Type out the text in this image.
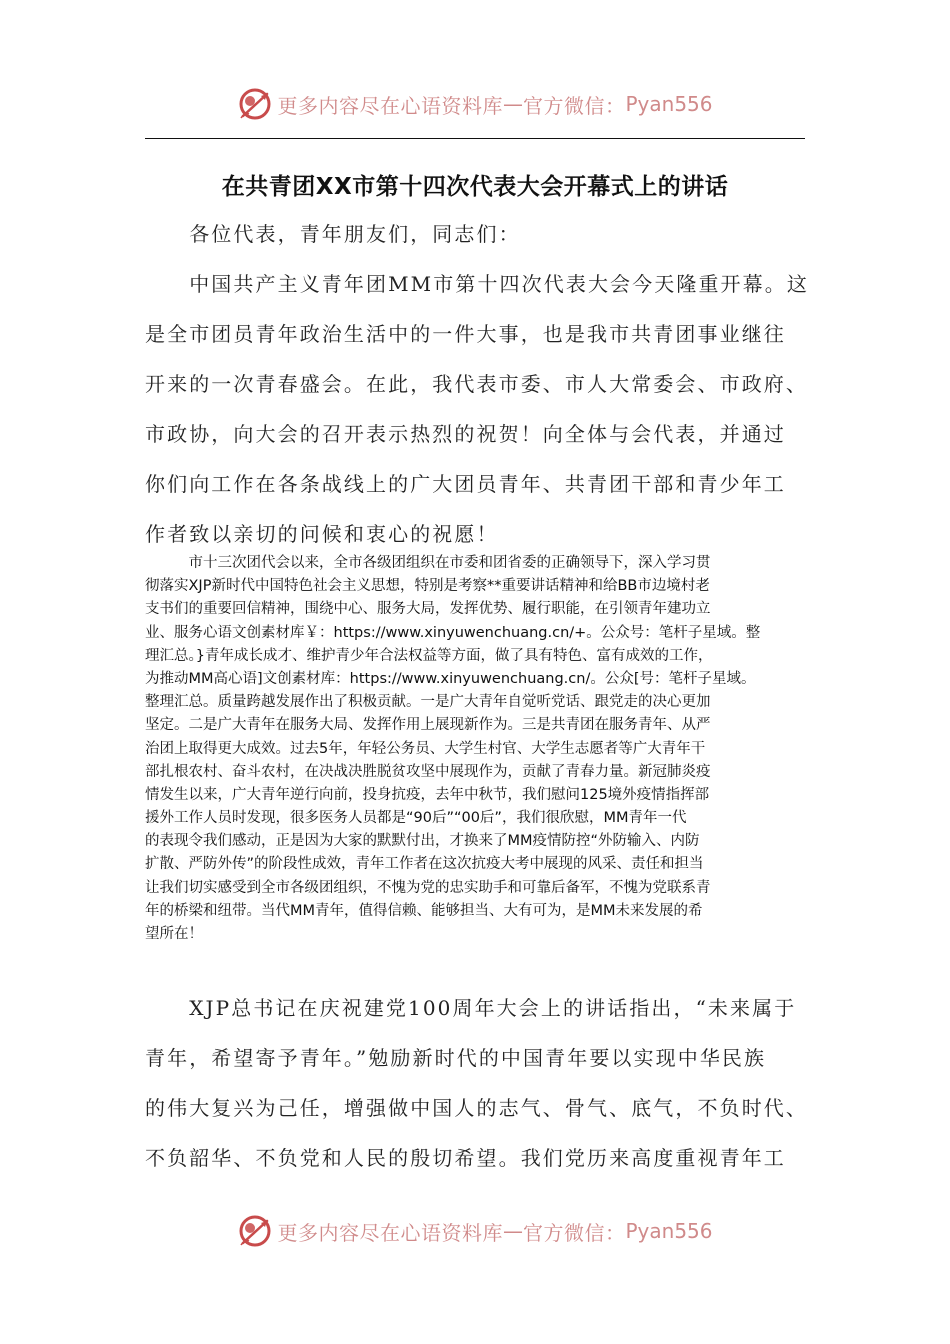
更多内容尽在心语资料库 — 官方微信： Pyan556
在共青团XX市第十四次代表大会开幕式上的讲话
　　各位代表，青年朋友们，同志们：
　　中国共产主义青年团MM市第十四次代表大会今天隆重开幕。这
是全市团员青年政治生活中的一件大事，也是我市共青团事业继往
开来的一次青春盛会。在此，我代表市委、市人大常委会、市政府、
市政协，向大会的召开表示热烈的祝贺！向全体与会代表，并通过
你们向工作在各条战线上的广大团员青年、共青团干部和青少年工
作者致以亲切的问候和衷心的祝愿！
　　　市十三次团代会以来，全市各级团组织在市委和团省委的正确领导下，深入学习贯
彻落实XJP新时代中国特色社会主义思想，特别是考察**重要讲话精神和给BB市边境村老
支书们的重要回信精神，围绕中心、服务大局，发挥优势、履行职能，在引领青年建功立
业、服务心语文创素材库￥：https://www.xinyuwenchuang.cn/+。公众号：笔杆子星域。整
理汇总。}青年成长成才、维护青少年合法权益等方面，做了具有特色、富有成效的工作，
为推动MM高心语]文创素材库：https://www.xinyuwenchuang.cn/。公众[号：笔杆子星域。
整理汇总。质量跨越发展作出了积极贡献。一是广大青年自觉听党话、跟党走的决心更加
坚定。二是广大青年在服务大局、发挥作用上展现新作为。三是共青团在服务青年、从严
治团上取得更大成效。过去5年，年轻公务员、大学生村官、大学生志愿者等广大青年干
部扎根农村、奋斗农村，在决战决胜脱贫攻坚中展现作为，贡献了青春力量。新冠肺炎疫
情发生以来，广大青年逆行向前，投身抗疫，去年中秋节，我们慰问125境外疫情指挥部
援外工作人员时发现，很多医务人员都是“90后”“00后”，我们很欣慰，MM青年一代
的表现令我们感动，正是因为大家的默默付出，才换来了MM疫情防控“外防输入、内防
扩散、严防外传”的阶段性成效，青年工作者在这次抗疫大考中展现的风采、责任和担当
让我们切实感受到全市各级团组织，不愧为党的忠实助手和可靠后备军，不愧为党联系青
年的桥梁和纽带。当代MM青年，值得信赖、能够担当、大有可为，是MM未来发展的希
望所在！
　　XJP总书记在庆祝建党100周年大会上的讲话指出，“未来属于
青年，希望寄予青年。”勉励新时代的中国青年要以实现中华民族
的伟大复兴为己任，增强做中国人的志气、骨气、底气，不负时代、
不负韶华、不负党和人民的殷切希望。我们党历来高度重视青年工
更多内容尽在心语资料库 — 官方微信： Pyan556
